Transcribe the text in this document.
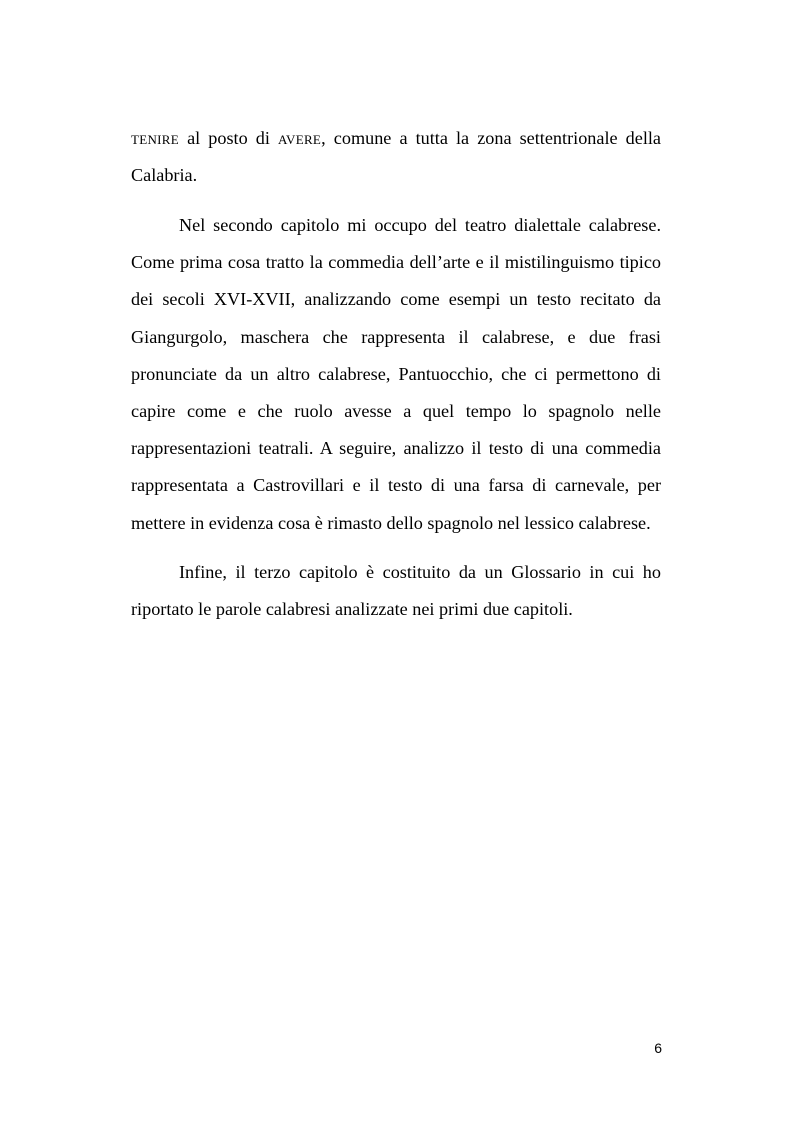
tenire al posto di avere, comune a tutta la zona settentrionale della Calabria.

Nel secondo capitolo mi occupo del teatro dialettale calabrese. Come prima cosa tratto la commedia dell’arte e il mistilinguismo tipico dei secoli XVI-XVII, analizzando come esempi un testo recitato da Giangurgolo, maschera che rappresenta il calabrese, e due frasi pronunciate da un altro calabrese, Pantuocchio, che ci permettono di capire come e che ruolo avesse a quel tempo lo spagnolo nelle rappresentazioni teatrali. A seguire, analizzo il testo di una commedia rappresentata a Castrovillari e il testo di una farsa di carnevale, per mettere in evidenza cosa è rimasto dello spagnolo nel lessico calabrese.

Infine, il terzo capitolo è costituito da un Glossario in cui ho riportato le parole calabresi analizzate nei primi due capitoli.

6
